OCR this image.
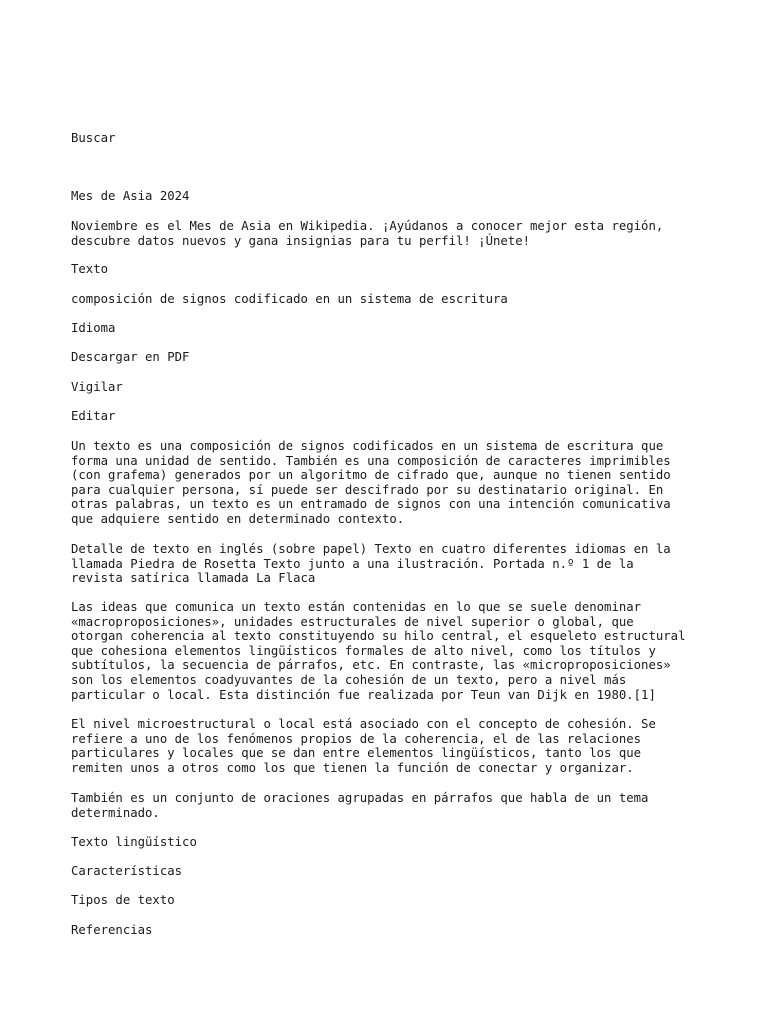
Buscar
Mes de Asia 2024
Noviembre es el Mes de Asia en Wikipedia. ¡Ayúdanos a conocer mejor esta región,
descubre datos nuevos y gana insignias para tu perfil! ¡Únete!
Texto
composición de signos codificado en un sistema de escritura
Idioma
Descargar en PDF
Vigilar
Editar
Un texto es una composición de signos codificados en un sistema de escritura que
forma una unidad de sentido. También es una composición de caracteres imprimibles
(con grafema) generados por un algoritmo de cifrado que, aunque no tienen sentido
para cualquier persona, sí puede ser descifrado por su destinatario original. En
otras palabras, un texto es un entramado de signos con una intención comunicativa
que adquiere sentido en determinado contexto.
Detalle de texto en inglés (sobre papel) Texto en cuatro diferentes idiomas en la
llamada Piedra de Rosetta Texto junto a una ilustración. Portada n.º 1 de la
revista satírica llamada La Flaca
Las ideas que comunica un texto están contenidas en lo que se suele denominar
«macroproposiciones», unidades estructurales de nivel superior o global, que
otorgan coherencia al texto constituyendo su hilo central, el esqueleto estructural
que cohesiona elementos lingüísticos formales de alto nivel, como los títulos y
subtítulos, la secuencia de párrafos, etc. En contraste, las «microproposiciones»
son los elementos coadyuvantes de la cohesión de un texto, pero a nivel más
particular o local. Esta distinción fue realizada por Teun van Dijk en 1980.[1]
El nivel microestructural o local está asociado con el concepto de cohesión. Se
refiere a uno de los fenómenos propios de la coherencia, el de las relaciones
particulares y locales que se dan entre elementos lingüísticos, tanto los que
remiten unos a otros como los que tienen la función de conectar y organizar.
También es un conjunto de oraciones agrupadas en párrafos que habla de un tema
determinado.
Texto lingüístico
Características
Tipos de texto
Referencias
